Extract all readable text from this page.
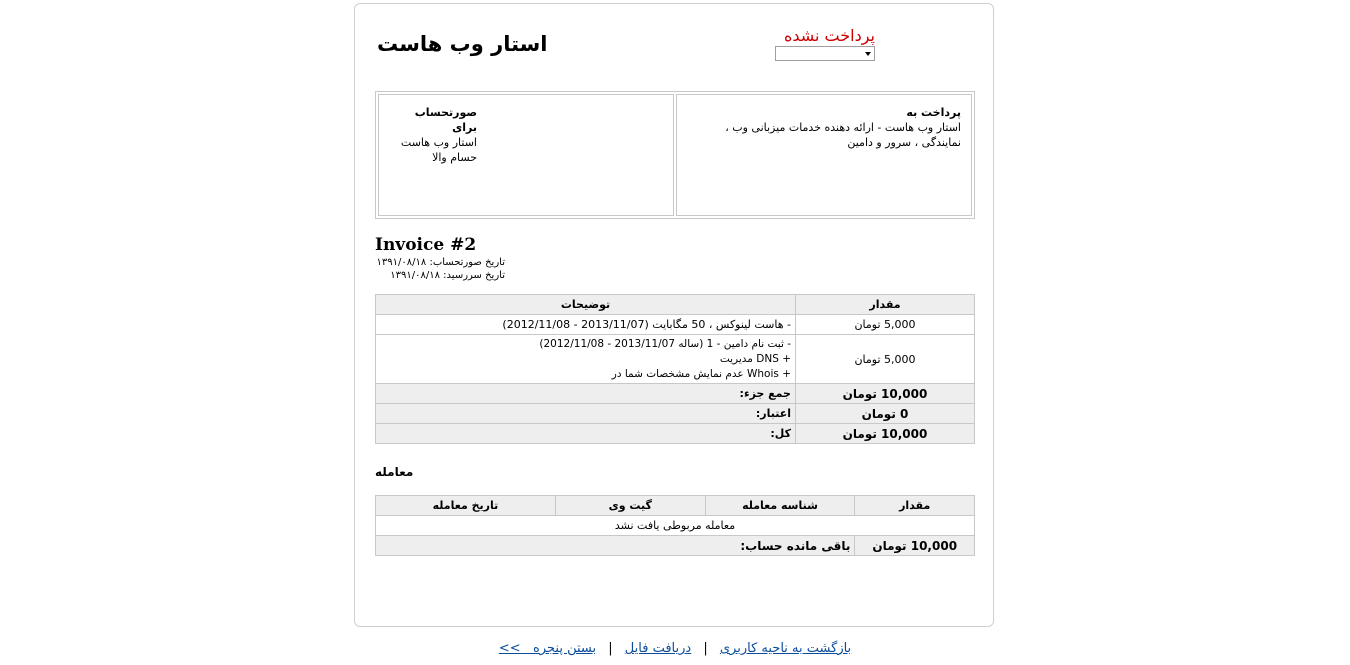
استار وب هاست	پرداخت نشده
پرداخت به
استار وب هاست - ارائه دهنده خدمات میزبانی وب ،
نمایندگی ، سرور و دامین
صورتحساب برای
استار وب هاست
حسام والا
Invoice #2
تاریخ صورتحساب: ۱۳۹۱/۰۸/۱۸
تاریخ سررسید: ۱۳۹۱/۰۸/۱۸
توضیحات	مقدار

- هاست لینوکس ، 50 مگابایت (2013/11/07 - 2012/11/08)	5,000 تومان

- ثبت نام دامین - 1 (ساله 2013/11/07 - 2012/11/08)
+ DNS مدیریت
+ Whois عدم نمایش مشخصات شما در	5,000 تومان
جمع جزء:	10,000 تومان
اعتبار:	0 تومان
کل:	10,000 تومان
معامله
تاریخ معامله	گیت وی	شناسه معامله	مقدار
معامله مربوطی یافت نشد			
باقی مانده حساب:			10,000 تومان
بازگشت به ناحیه کاربری | دریافت فایل | بستن پنجره   >>
